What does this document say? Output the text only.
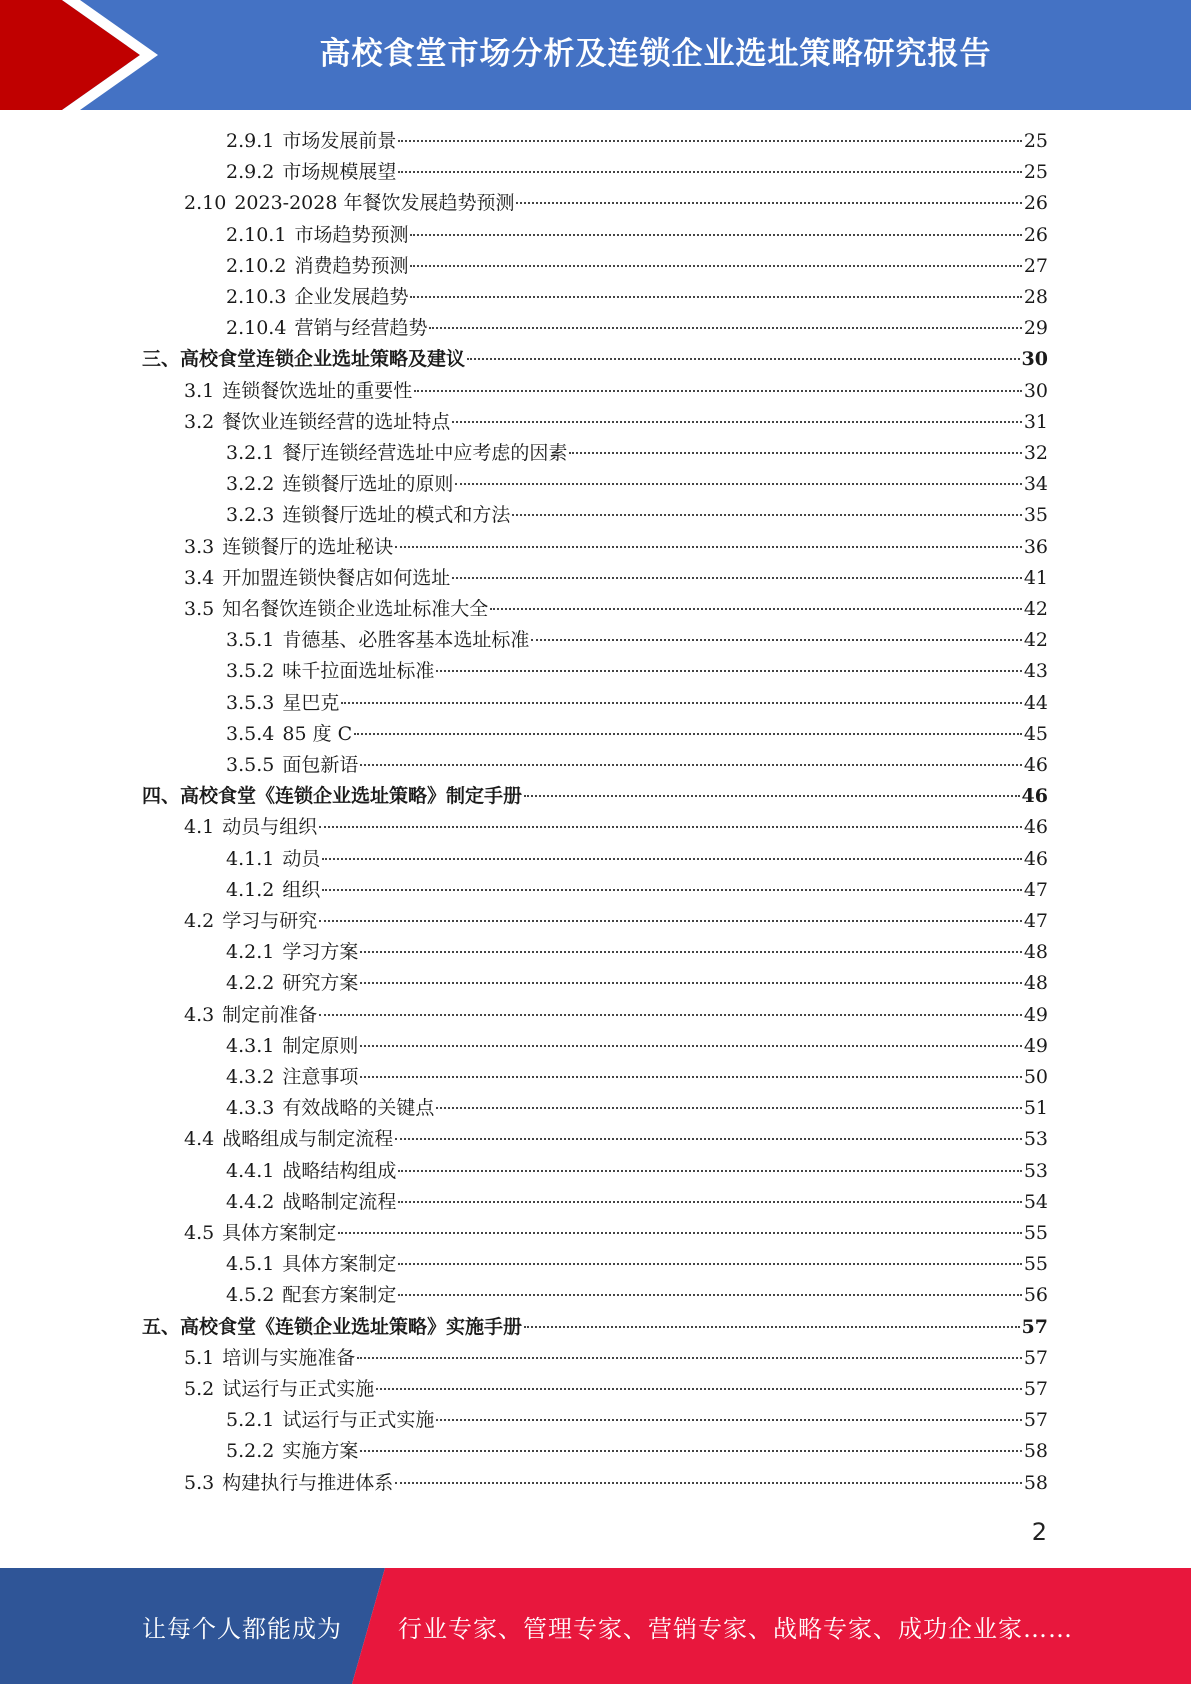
高校食堂市场分析及连锁企业选址策略研究报告
2.9.1 市场发展前景	25
2.9.2 市场规模展望	25
2.10 2023-2028 年餐饮发展趋势预测	26
2.10.1 市场趋势预测	26
2.10.2 消费趋势预测	27
2.10.3 企业发展趋势	28
2.10.4 营销与经营趋势	29
三、 高校食堂连锁企业选址策略及建议	30
3.1 连锁餐饮选址的重要性	30
3.2 餐饮业连锁经营的选址特点	31
3.2.1 餐厅连锁经营选址中应考虑的因素	32
3.2.2 连锁餐厅选址的原则	34
3.2.3 连锁餐厅选址的模式和方法	35
3.3 连锁餐厅的选址秘诀	36
3.4 开加盟连锁快餐店如何选址	41
3.5 知名餐饮连锁企业选址标准大全	42
3.5.1 肯德基、必胜客基本选址标准	42
3.5.2 味千拉面选址标准	43
3.5.3 星巴克	44
3.5.4 85 度 C	45
3.5.5 面包新语	46
四、 高校食堂《连锁企业选址策略》制定手册	46
4.1 动员与组织	46
4.1.1 动员	46
4.1.2 组织	47
4.2 学习与研究	47
4.2.1 学习方案	48
4.2.2 研究方案	48
4.3 制定前准备	49
4.3.1 制定原则	49
4.3.2 注意事项	50
4.3.3 有效战略的关键点	51
4.4 战略组成与制定流程	53
4.4.1 战略结构组成	53
4.4.2 战略制定流程	54
4.5 具体方案制定	55
4.5.1 具体方案制定	55
4.5.2 配套方案制定	56
五、 高校食堂《连锁企业选址策略》实施手册	57
5.1 培训与实施准备	57
5.2 试运行与正式实施	57
5.2.1 试运行与正式实施	57
5.2.2 实施方案	58
5.3 构建执行与推进体系	58
2
让每个人都能成为 行业专家、管理专家、营销专家、战略专家、成功企业家……
